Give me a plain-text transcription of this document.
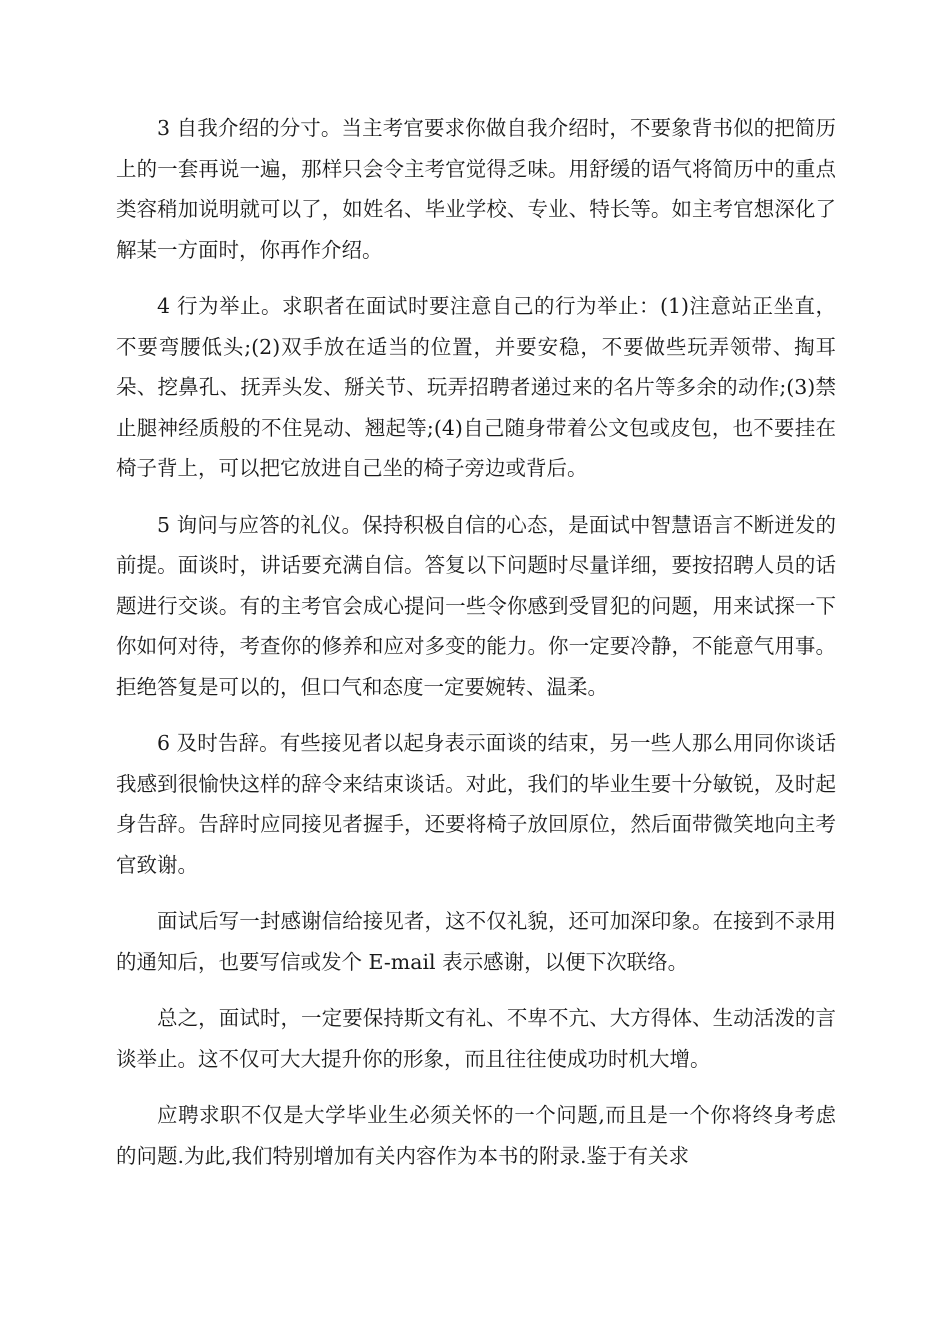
3 自我介绍的分寸。当主考官要求你做自我介绍时，不要象背书似的把简历上的一套再说一遍，那样只会令主考官觉得乏味。用舒缓的语气将简历中的重点类容稍加说明就可以了，如姓名、毕业学校、专业、特长等。如主考官想深化了解某一方面时，你再作介绍。

4 行为举止。求职者在面试时要注意自己的行为举止：(1)注意站正坐直，不要弯腰低头;(2)双手放在适当的位置，并要安稳，不要做些玩弄领带、掏耳朵、挖鼻孔、抚弄头发、掰关节、玩弄招聘者递过来的名片等多余的动作;(3)禁止腿神经质般的不住晃动、翘起等;(4)自己随身带着公文包或皮包，也不要挂在椅子背上，可以把它放进自己坐的椅子旁边或背后。

5 询问与应答的礼仪。保持积极自信的心态，是面试中智慧语言不断迸发的前提。面谈时，讲话要充满自信。答复以下问题时尽量详细，要按招聘人员的话题进行交谈。有的主考官会成心提问一些令你感到受冒犯的问题，用来试探一下你如何对待，考查你的修养和应对多变的能力。你一定要冷静，不能意气用事。拒绝答复是可以的，但口气和态度一定要婉转、温柔。

6 及时告辞。有些接见者以起身表示面谈的结束，另一些人那么用同你谈话我感到很愉快这样的辞令来结束谈话。对此，我们的毕业生要十分敏锐，及时起身告辞。告辞时应同接见者握手，还要将椅子放回原位，然后面带微笑地向主考官致谢。

面试后写一封感谢信给接见者，这不仅礼貌，还可加深印象。在接到不录用的通知后，也要写信或发个 E-mail 表示感谢，以便下次联络。

总之，面试时，一定要保持斯文有礼、不卑不亢、大方得体、生动活泼的言谈举止。这不仅可大大提升你的形象，而且往往使成功时机大增。

应聘求职不仅是大学毕业生必须关怀的一个问题,而且是一个你将终身考虑的问题.为此,我们特别增加有关内容作为本书的附录.鉴于有关求
